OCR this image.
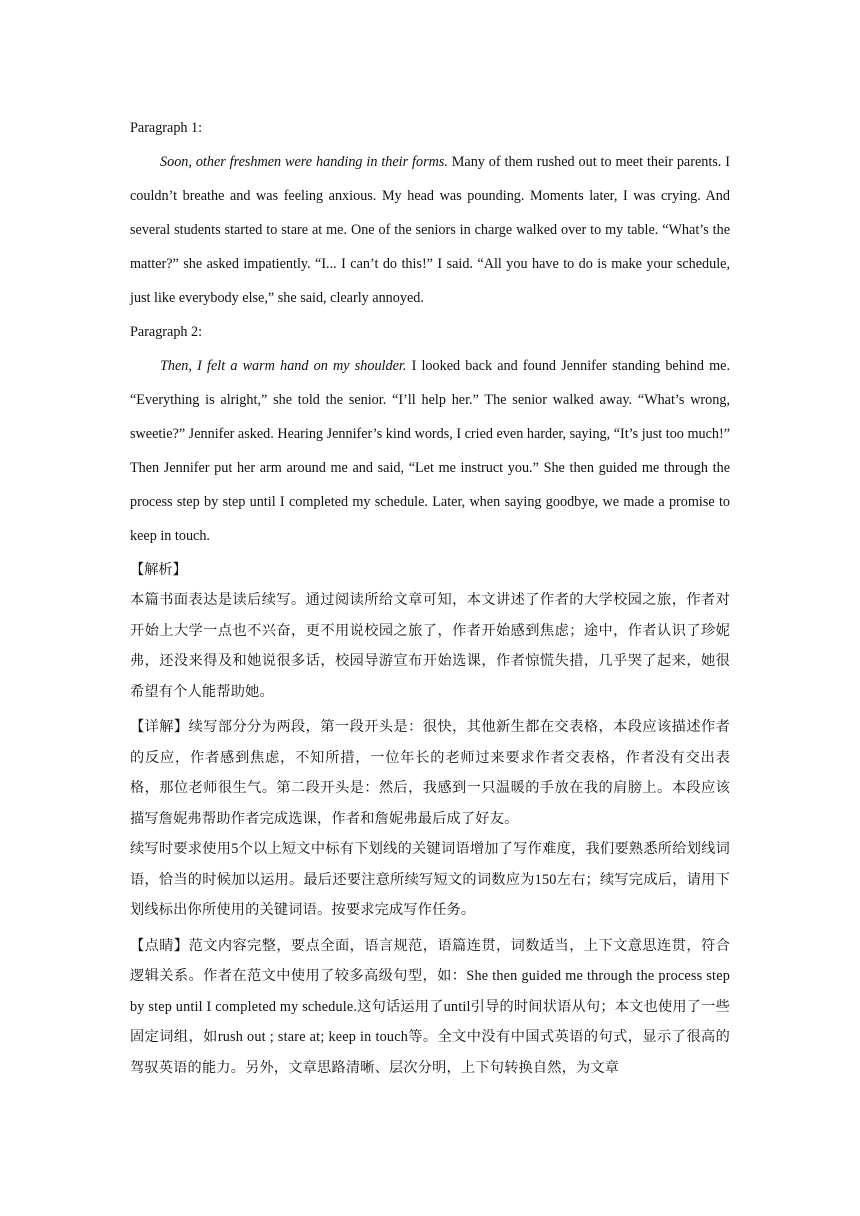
Paragraph 1:

Soon, other freshmen were handing in their forms. Many of them rushed out to meet their parents. I couldn’t breathe and was feeling anxious. My head was pounding. Moments later, I was crying. And several students started to stare at me. One of the seniors in charge walked over to my table. “What’s the matter?” she asked impatiently. “I... I can’t do this!” I said. “All you have to do is make your schedule, just like everybody else,” she said, clearly annoyed.

Paragraph 2:

Then, I felt a warm hand on my shoulder. I looked back and found Jennifer standing behind me. “Everything is alright,” she told the senior. “I’ll help her.” The senior walked away. “What’s wrong, sweetie?” Jennifer asked. Hearing Jennifer’s kind words, I cried even harder, saying, “It’s just too much!” Then Jennifer put her arm around me and said, “Let me instruct you.” She then guided me through the process step by step until I completed my schedule. Later, when saying goodbye, we made a promise to keep in touch.

【解析】

本篇书面表达是读后续写。通过阅读所给文章可知，本文讲述了作者的大学校园之旅，作者对开始上大学一点也不兴奋，更不用说校园之旅了，作者开始感到焦虑；途中，作者认识了珍妮弗，还没来得及和她说很多话，校园导游宣布开始选课，作者惊慌失措，几乎哭了起来，她很希望有个人能帮助她。

【详解】续写部分分为两段，第一段开头是：很快，其他新生都在交表格，本段应该描述作者的反应，作者感到焦虑，不知所措，一位年长的老师过来要求作者交表格，作者没有交出表格，那位老师很生气。第二段开头是：然后，我感到一只温暖的手放在我的肩膀上。本段应该描写詹妮弗帮助作者完成选课，作者和詹妮弗最后成了好友。

续写时要求使用5个以上短文中标有下划线的关键词语增加了写作难度，我们要熟悉所给划线词语，恰当的时候加以运用。最后还要注意所续写短文的词数应为150左右；续写完成后，请用下划线标出你所使用的关键词语。按要求完成写作任务。

【点睛】范文内容完整，要点全面，语言规范，语篇连贯，词数适当，上下文意思连贯，符合逻辑关系。作者在范文中使用了较多高级句型，如：She then guided me through the process step by step until I completed my schedule.这句话运用了until引导的时间状语从句；本文也使用了一些固定词组，如rush out ; stare at; keep in touch等。全文中没有中国式英语的句式，显示了很高的驾驭英语的能力。另外，文章思路清晰、层次分明，上下句转换自然，为文章
